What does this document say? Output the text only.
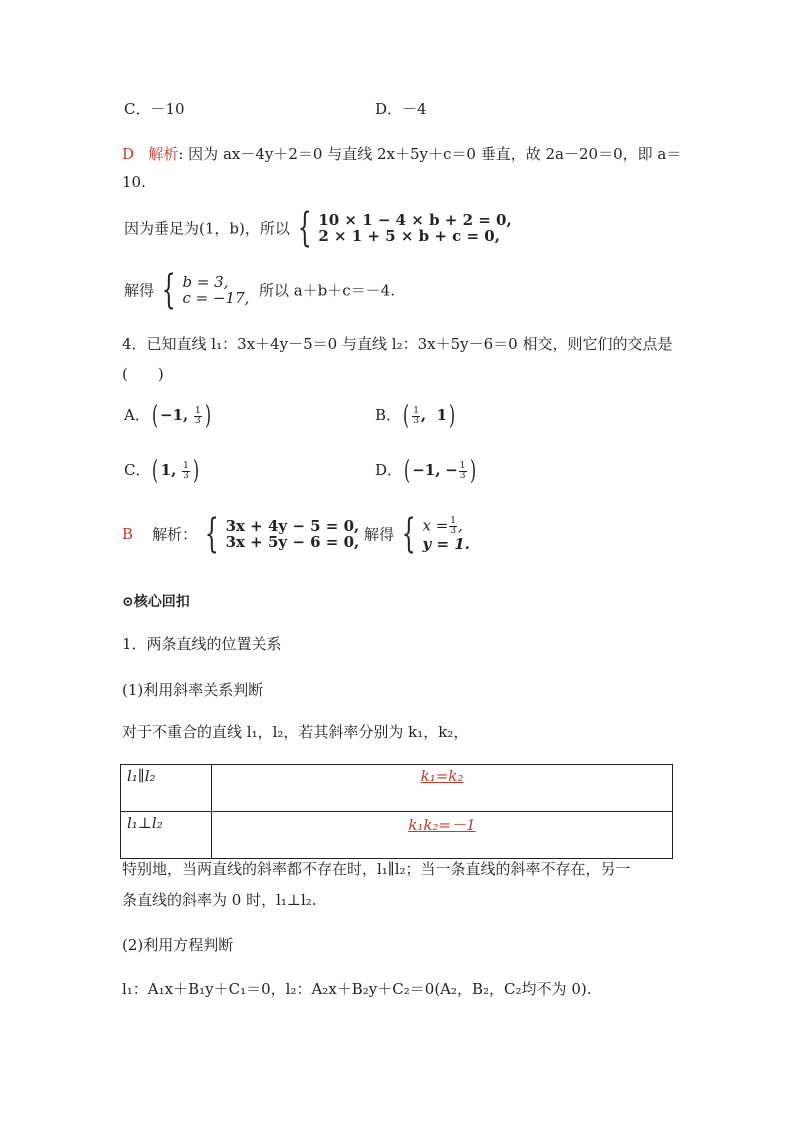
C．－10	D．－4
D 解析: 因为 ax－4y＋2＝0 与直线 2x＋5y＋c＝0 垂直，故 2a－20＝0，即 a＝
10.
因为垂足为(1，b)，所以 { 10 × 1 − 4 × b + 2 = 0,
2 × 1 + 5 × b + c = 0,
解得 { b = 3,
c = −17, 所以 a＋b＋c＝－4.
4．已知直线 l₁：3x＋4y－5＝0 与直线 l₂：3x＋5y－6＝0 相交，则它们的交点是
(　　)
A．( −1, $\frac{1}{3}$ )	B．( $\frac{1}{3}$ ,  1)
C．( 1, $\frac{1}{3}$ )	D．( −1, − $\frac{1}{3}$ )
B 解析： { 3x + 4y − 5 = 0,
3x + 5y − 6 = 0, 解得 { $x = \frac{1}{3}$ ,
y = 1.
⊙核心回扣
1．两条直线的位置关系
(1)利用斜率关系判断
对于不重合的直线 l₁，l₂，若其斜率分别为 k₁，k₂，
l₁∥l₂	k₁=k₂
l₁⊥l₂	k₁k₂=－1
特别地，当两直线的斜率都不存在时，l₁∥l₂；当一条直线的斜率不存在，另一
条直线的斜率为 0 时，l₁⊥l₂.
(2)利用方程判断
l₁：A₁x＋B₁y＋C₁＝0，l₂：A₂x＋B₂y＋C₂＝0(A₂，B₂，C₂均不为 0).
